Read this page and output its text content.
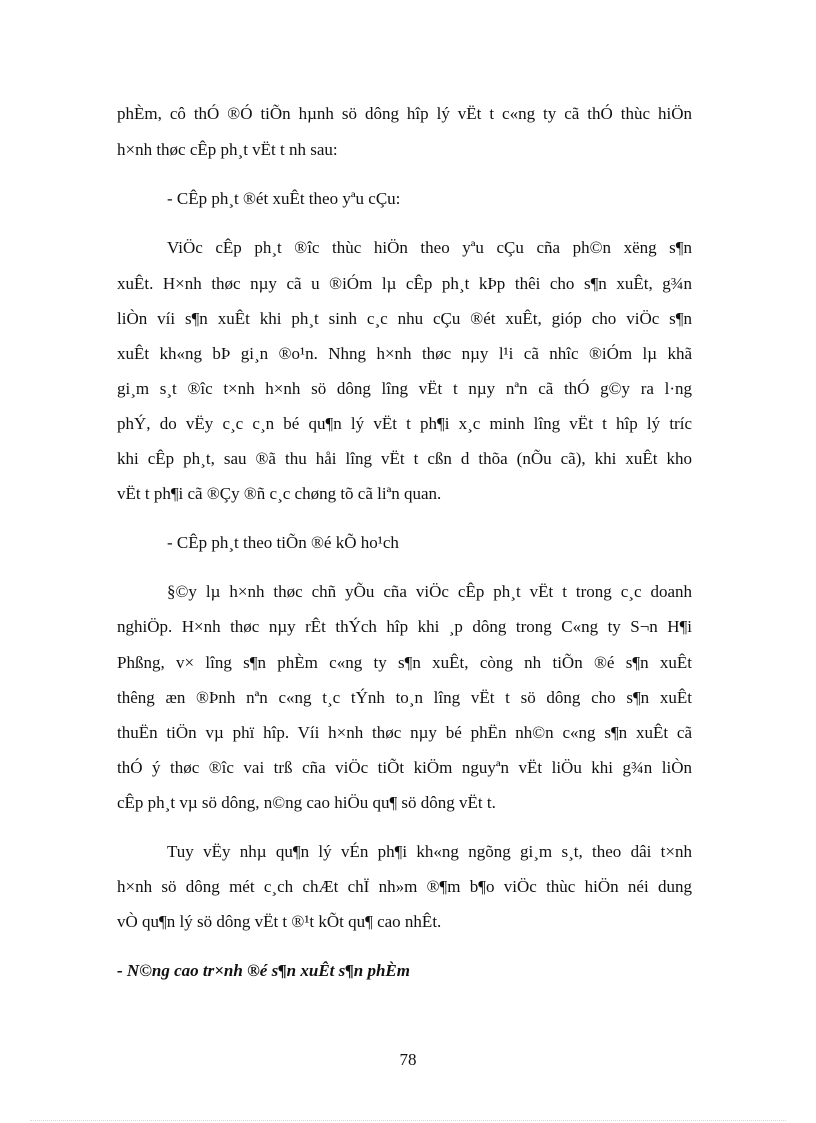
phÈm, cô thÓ ®Ó tiÕn hµnh sö dông hîp lý vËt t c«ng ty cã thÓ thùc hiÖn
h×nh thøc cÊp ph¸t vËt t nh sau:
- CÊp ph¸t ®ét xuÊt theo yªu cÇu:
ViÖc cÊp ph¸t ®îc thùc hiÖn theo yªu cÇu cña ph©n xëng s¶n
xuÊt. H×nh thøc nµy cã u ®iÓm lµ cÊp ph¸t kÞp thêi cho s¶n xuÊt, g¾n
liÒn víi s¶n xuÊt khi ph¸t sinh c¸c nhu cÇu ®ét xuÊt, gióp cho viÖc s¶n
xuÊt kh«ng bÞ gi¸n ®o¹n. Nhng h×nh thøc nµy l¹i cã nhîc ®iÓm lµ khã
gi¸m s¸t ®îc t×nh h×nh sö dông lîng vËt t nµy nªn cã thÓ g©y ra l·ng
phÝ, do vËy c¸c c¸n bé qu¶n lý vËt t ph¶i x¸c minh lîng vËt t hîp lý tríc
khi cÊp ph¸t, sau ®ã thu håi lîng vËt t cßn d thõa (nÕu cã), khi xuÊt kho
vËt t ph¶i cã ®Çy ®ñ c¸c chøng tõ cã liªn quan.
- CÊp ph¸t theo tiÕn ®é kÕ ho¹ch
§©y lµ h×nh thøc chñ yÕu cña viÖc cÊp ph¸t vËt t trong c¸c doanh
nghiÖp. H×nh thøc nµy rÊt thÝch hîp khi ¸p dông trong C«ng ty S¬n H¶i
Phßng, v× lîng s¶n phÈm c«ng ty s¶n xuÊt, còng nh tiÕn ®é s¶n xuÊt
thêng æn ®Þnh nªn c«ng t¸c tÝnh to¸n lîng vËt t sö dông cho s¶n xuÊt
thuËn tiÖn vµ phï hîp. Víi h×nh thøc nµy bé phËn nh©n c«ng s¶n xuÊt cã
thÓ ý thøc ®îc vai trß cña viÖc tiÕt kiÖm nguyªn vËt liÖu khi g¾n liÒn
cÊp ph¸t vµ sö dông, n©ng cao hiÖu qu¶ sö dông vËt t.
Tuy vËy nhµ qu¶n lý vÉn ph¶i kh«ng ngõng gi¸m s¸t, theo dâi t×nh
h×nh sö dông mét c¸ch chÆt chÏ nh»m ®¶m b¶o viÖc thùc hiÖn néi dung
vÒ qu¶n lý sö dông vËt t ®¹t kÕt qu¶ cao nhÊt.
- N©ng cao tr×nh ®é s¶n xuÊt s¶n phÈm
78
